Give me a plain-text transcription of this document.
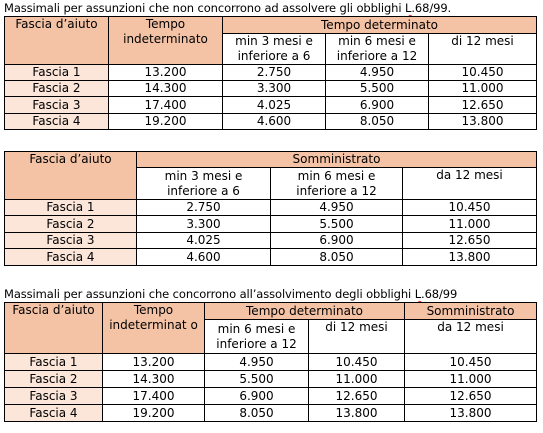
Massimali per assunzioni che non concorrono ad assolvere gli obblighi L.68/99.
Fascia d’aiuto	Tempo indeterminato	Tempo determinato		
		min 3 mesi e inferiore a 6	min 6 mesi e inferiore a 12	di 12 mesi
Fascia 1	13.200	2.750	4.950	10.450
Fascia 2	14.300	3.300	5.500	11.000
Fascia 3	17.400	4.025	6.900	12.650
Fascia 4	19.200	4.600	8.050	13.800
Fascia d’aiuto	Somministrato		
	min 3 mesi e inferiore a 6	min 6 mesi e inferiore a 12	da 12 mesi
Fascia 1	2.750	4.950	10.450
Fascia 2	3.300	5.500	11.000
Fascia 3	4.025	6.900	12.650
Fascia 4	4.600	8.050	13.800
Massimali per assunzioni che concorrono all’assolvimento degli obblighi L.68/99
Fascia d’aiuto	Tempo indeterminat o	Tempo determinato		Somministrato
		min 6 mesi e inferiore a 12	di 12 mesi	da 12 mesi
Fascia 1	13.200	4.950	10.450	10.450
Fascia 2	14.300	5.500	11.000	11.000
Fascia 3	17.400	6.900	12.650	12.650
Fascia 4	19.200	8.050	13.800	13.800
